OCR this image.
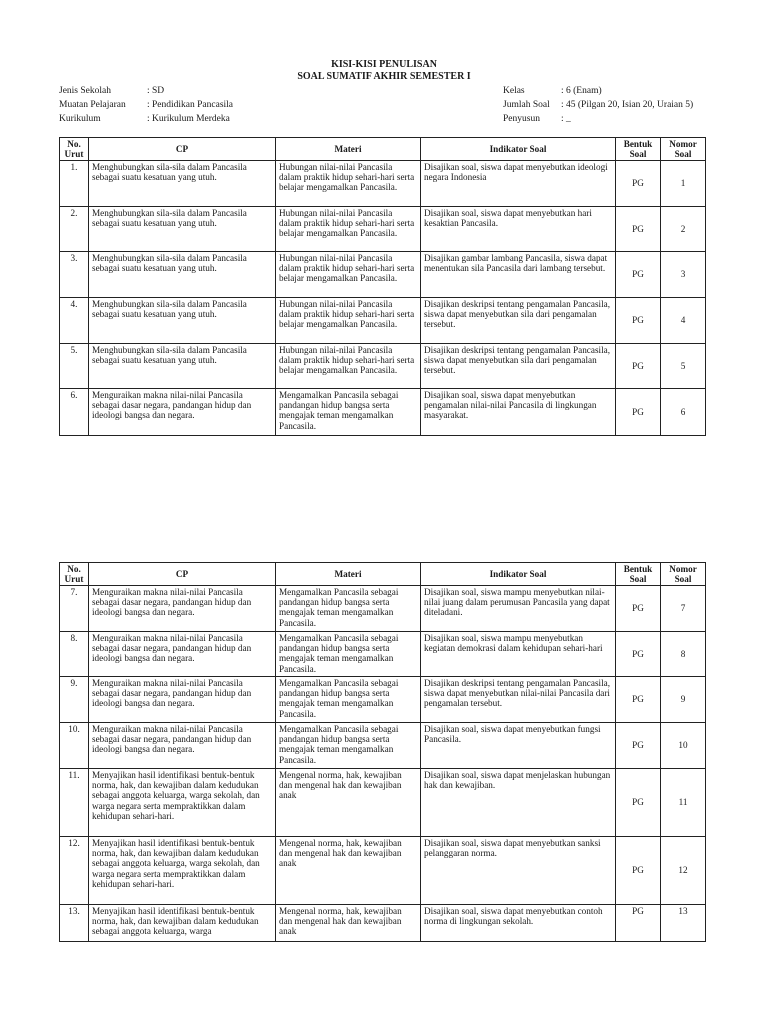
KISI-KISI PENULISAN
SOAL SUMATIF AKHIR SEMESTER I
Jenis Sekolah	: SD
Muatan Pelajaran : Pendidikan Pancasila
Kurikulum	: Kurikulum Merdeka
Kelas	: 6 (Enam)
Jumlah Soal : 45 (Pilgan 20, Isian 20, Uraian 5)
Penyusun : _
No. Urut	CP	Materi	Indikator Soal	Bentuk Soal	Nomor Soal
1.	Menghubungkan sila-sila dalam Pancasila sebagai suatu kesatuan yang utuh.	Hubungan nilai-nilai Pancasila dalam praktik hidup sehari-hari serta belajar mengamalkan Pancasila.	Disajikan soal, siswa dapat menyebutkan ideologi negara Indonesia	PG	1
2.	Menghubungkan sila-sila dalam Pancasila sebagai suatu kesatuan yang utuh.	Hubungan nilai-nilai Pancasila dalam praktik hidup sehari-hari serta belajar mengamalkan Pancasila.	Disajikan soal, siswa dapat menyebutkan hari kesaktian Pancasila.	PG	2
3.	Menghubungkan sila-sila dalam Pancasila sebagai suatu kesatuan yang utuh.	Hubungan nilai-nilai Pancasila dalam praktik hidup sehari-hari serta belajar mengamalkan Pancasila.	Disajikan gambar lambang Pancasila, siswa dapat menentukan sila Pancasila dari lambang tersebut.	PG	3
4.	Menghubungkan sila-sila dalam Pancasila sebagai suatu kesatuan yang utuh.	Hubungan nilai-nilai Pancasila dalam praktik hidup sehari-hari serta belajar mengamalkan Pancasila.	Disajikan deskripsi tentang pengamalan Pancasila, siswa dapat menyebutkan sila dari pengamalan tersebut.	PG	4
5.	Menghubungkan sila-sila dalam Pancasila sebagai suatu kesatuan yang utuh.	Hubungan nilai-nilai Pancasila dalam praktik hidup sehari-hari serta belajar mengamalkan Pancasila.	Disajikan deskripsi tentang pengamalan Pancasila, siswa dapat menyebutkan sila dari pengamalan tersebut.	PG	5
6.	Menguraikan makna nilai-nilai Pancasila sebagai dasar negara, pandangan hidup dan ideologi bangsa dan negara.	Mengamalkan Pancasila sebagai pandangan hidup bangsa serta mengajak teman mengamalkan Pancasila.	Disajikan soal, siswa dapat menyebutkan pengamalan nilai-nilai Pancasila di lingkungan masyarakat.	PG	6
No. Urut	CP	Materi	Indikator Soal	Bentuk Soal	Nomor Soal
7.	Menguraikan makna nilai-nilai Pancasila sebagai dasar negara, pandangan hidup dan ideologi bangsa dan negara.	Mengamalkan Pancasila sebagai pandangan hidup bangsa serta mengajak teman mengamalkan Pancasila.	Disajikan soal, siswa mampu menyebutkan nilai-nilai juang dalam perumusan Pancasila yang dapat diteladani.	PG	7
8.	Menguraikan makna nilai-nilai Pancasila sebagai dasar negara, pandangan hidup dan ideologi bangsa dan negara.	Mengamalkan Pancasila sebagai pandangan hidup bangsa serta mengajak teman mengamalkan Pancasila.	Disajikan soal, siswa mampu menyebutkan kegiatan demokrasi dalam kehidupan sehari-hari	PG	8
9.	Menguraikan makna nilai-nilai Pancasila sebagai dasar negara, pandangan hidup dan ideologi bangsa dan negara.	Mengamalkan Pancasila sebagai pandangan hidup bangsa serta mengajak teman mengamalkan Pancasila.	Disajikan deskripsi tentang pengamalan Pancasila, siswa dapat menyebutkan nilai-nilai Pancasila dari pengamalan tersebut.	PG	9
10.	Menguraikan makna nilai-nilai Pancasila sebagai dasar negara, pandangan hidup dan ideologi bangsa dan negara.	Mengamalkan Pancasila sebagai pandangan hidup bangsa serta mengajak teman mengamalkan Pancasila.	Disajikan soal, siswa dapat menyebutkan fungsi Pancasila.	PG	10
11.	Menyajikan hasil identifikasi bentuk-bentuk norma, hak, dan kewajiban dalam kedudukan sebagai anggota keluarga, warga sekolah, dan warga negara serta mempraktikkan dalam kehidupan sehari-hari.	Mengenal norma, hak, kewajiban dan mengenal hak dan kewajiban anak	Disajikan soal, siswa dapat menjelaskan hubungan hak dan kewajiban.	PG	11
12.	Menyajikan hasil identifikasi bentuk-bentuk norma, hak, dan kewajiban dalam kedudukan sebagai anggota keluarga, warga sekolah, dan warga negara serta mempraktikkan dalam kehidupan sehari-hari.	Mengenal norma, hak, kewajiban dan mengenal hak dan kewajiban anak	Disajikan soal, siswa dapat menyebutkan sanksi pelanggaran norma.	PG	12
13.	Menyajikan hasil identifikasi bentuk-bentuk norma, hak, dan kewajiban dalam kedudukan sebagai anggota keluarga, warga	Mengenal norma, hak, kewajiban dan mengenal hak dan kewajiban anak	Disajikan soal, siswa dapat menyebutkan contoh norma di lingkungan sekolah.	PG	13
